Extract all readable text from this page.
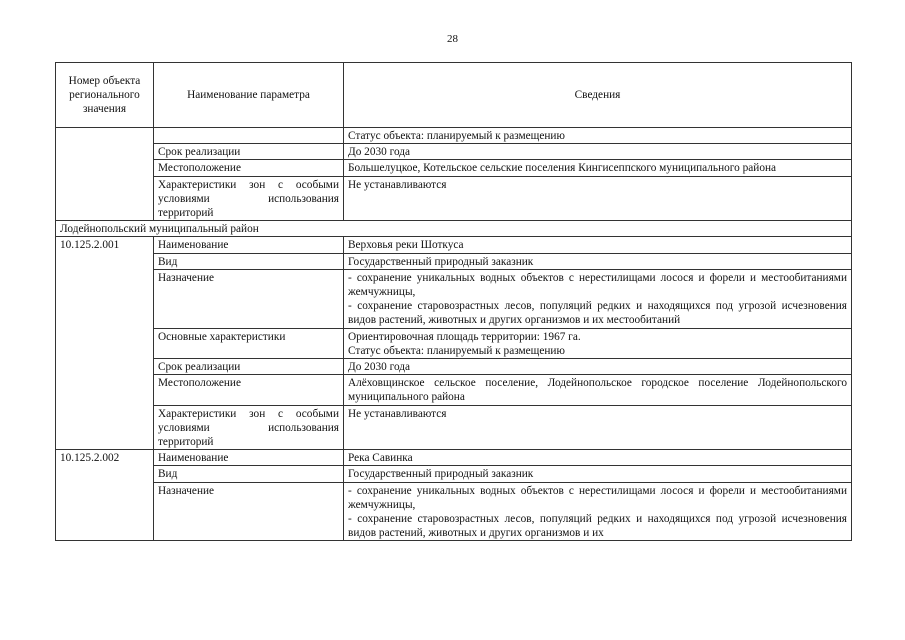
28
Номер объекта регионального значения	Наименование параметра	Сведения
		Статус объекта: планируемый к размещению
	Срок реализации	До 2030 года
	Местоположение	Большелуцкое, Котельское сельские поселения Кингисеппского муниципального района
	Характеристики зон с особыми условиями использования территорий	Не устанавливаются
Лодейнопольский муниципальный район		
10.125.2.001	Наименование	Верховья реки Шоткуса
	Вид	Государственный природный заказник
	Назначение	- сохранение уникальных водных объектов с нерестилищами лосося и форели и местообитаниями жемчужницы,
- сохранение старовозрастных лесов, популяций редких и находящихся под угрозой исчезновения видов растений, животных и других организмов и их местообитаний

	Основные характеристики	Ориентировочная площадь территории: 1967 га.
Статус объекта: планируемый к размещению

	Срок реализации	До 2030 года
	Местоположение	Алёховщинское сельское поселение, Лодейнопольское городское поселение Лодейнопольского муниципального района
	Характеристики зон с особыми условиями использования территорий	Не устанавливаются
10.125.2.002	Наименование	Река Савинка
	Вид	Государственный природный заказник
	Назначение	- сохранение уникальных водных объектов с нерестилищами лосося и форели и местообитаниями жемчужницы,
- сохранение старовозрастных лесов, популяций редких и находящихся под угрозой исчезновения видов растений, животных и других организмов и их
